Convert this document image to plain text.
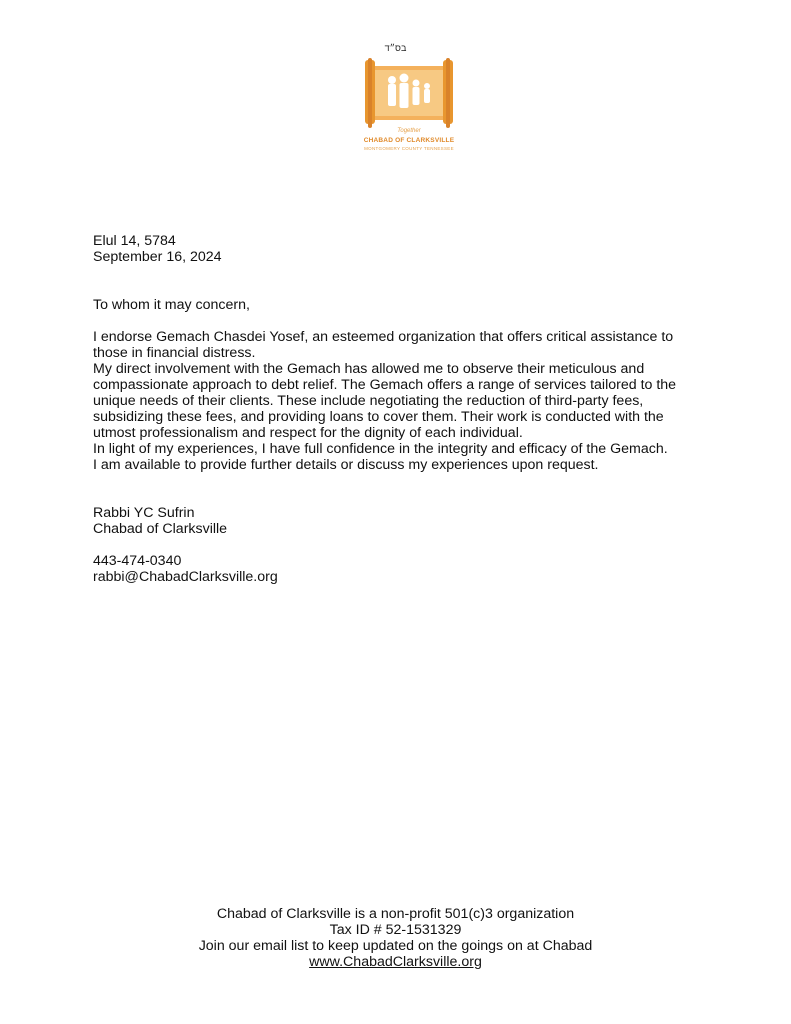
בס״ד
Together
CHABAD OF CLARKSVILLE
MONTGOMERY COUNTY TENNESSEE

Elul 14, 5784

September 16, 2024

To whom it may concern,

I endorse Gemach Chasdei Yosef, an esteemed organization that offers critical assistance to those in financial distress.

My direct involvement with the Gemach has allowed me to observe their meticulous and compassionate approach to debt relief. The Gemach offers a range of services tailored to the unique needs of their clients. These include negotiating the reduction of third-party fees, subsidizing these fees, and providing loans to cover them. Their work is conducted with the utmost professionalism and respect for the dignity of each individual.

In light of my experiences, I have full confidence in the integrity and efficacy of the Gemach.

I am available to provide further details or discuss my experiences upon request.

Rabbi YC Sufrin

Chabad of Clarksville

443-474-0340

rabbi@ChabadClarksville.org

Chabad of Clarksville is a non-profit 501(c)3 organization

Tax ID # 52-1531329

Join our email list to keep updated on the goings on at Chabad

www.ChabadClarksville.org
